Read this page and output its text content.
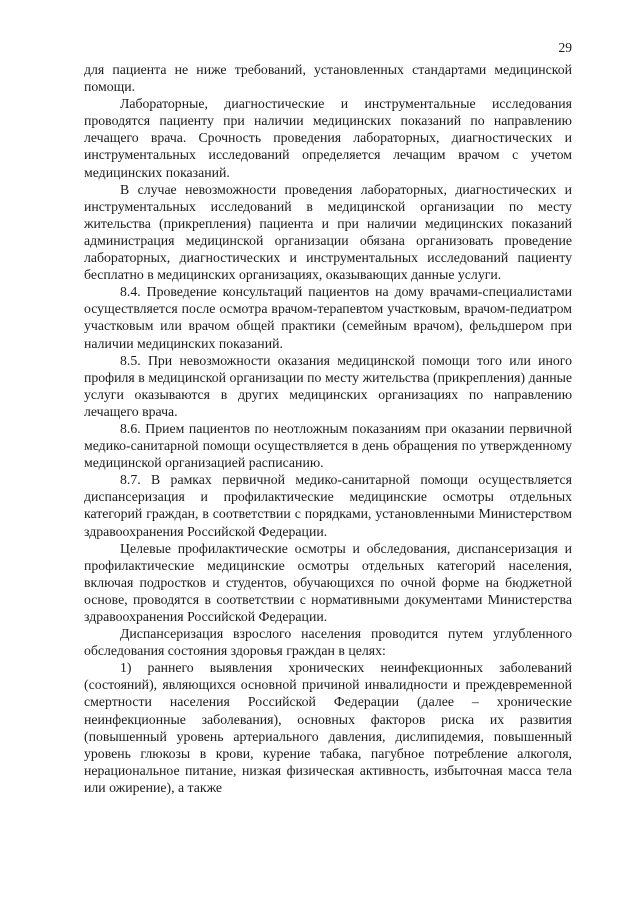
29

для пациента не ниже требований, установленных стандартами медицинской помощи.

Лабораторные, диагностические и инструментальные исследования проводятся пациенту при наличии медицинских показаний по направлению лечащего врача. Срочность проведения лабораторных, диагностических и инструментальных исследований определяется лечащим врачом с учетом медицинских показаний.

В случае невозможности проведения лабораторных, диагностических и инструментальных исследований в медицинской организации по месту жительства (прикрепления) пациента и при наличии медицинских показаний администрация медицинской организации обязана организовать проведение лабораторных, диагностических и инструментальных исследований пациенту бесплатно в медицинских организациях, оказывающих данные услуги.

8.4. Проведение консультаций пациентов на дому врачами-специалистами осуществляется после осмотра врачом-терапевтом участковым, врачом-педиатром участковым или врачом общей практики (семейным врачом), фельдшером при наличии медицинских показаний.

8.5. При невозможности оказания медицинской помощи того или иного профиля в медицинской организации по месту жительства (прикрепления) данные услуги оказываются в других медицинских организациях по направлению лечащего врача.

8.6. Прием пациентов по неотложным показаниям при оказании первичной медико-санитарной помощи осуществляется в день обращения по утвержденному медицинской организацией расписанию.

8.7. В рамках первичной медико-санитарной помощи осуществляется диспансеризация и профилактические медицинские осмотры отдельных категорий граждан, в соответствии с порядками, установленными Министерством здравоохранения Российской Федерации.

Целевые профилактические осмотры и обследования, диспансеризация и профилактические медицинские осмотры отдельных категорий населения, включая подростков и студентов, обучающихся по очной форме на бюджетной основе, проводятся в соответствии с нормативными документами Министерства здравоохранения Российской Федерации.

Диспансеризация взрослого населения проводится путем углубленного обследования состояния здоровья граждан в целях:

1) раннего выявления хронических неинфекционных заболеваний (состояний), являющихся основной причиной инвалидности и преждевременной смертности населения Российской Федерации (далее – хронические неинфекционные заболевания), основных факторов риска их развития (повышенный уровень артериального давления, дислипидемия, повышенный уровень глюкозы в крови, курение табака, пагубное потребление алкоголя, нерациональное питание, низкая физическая активность, избыточная масса тела или ожирение), а также
